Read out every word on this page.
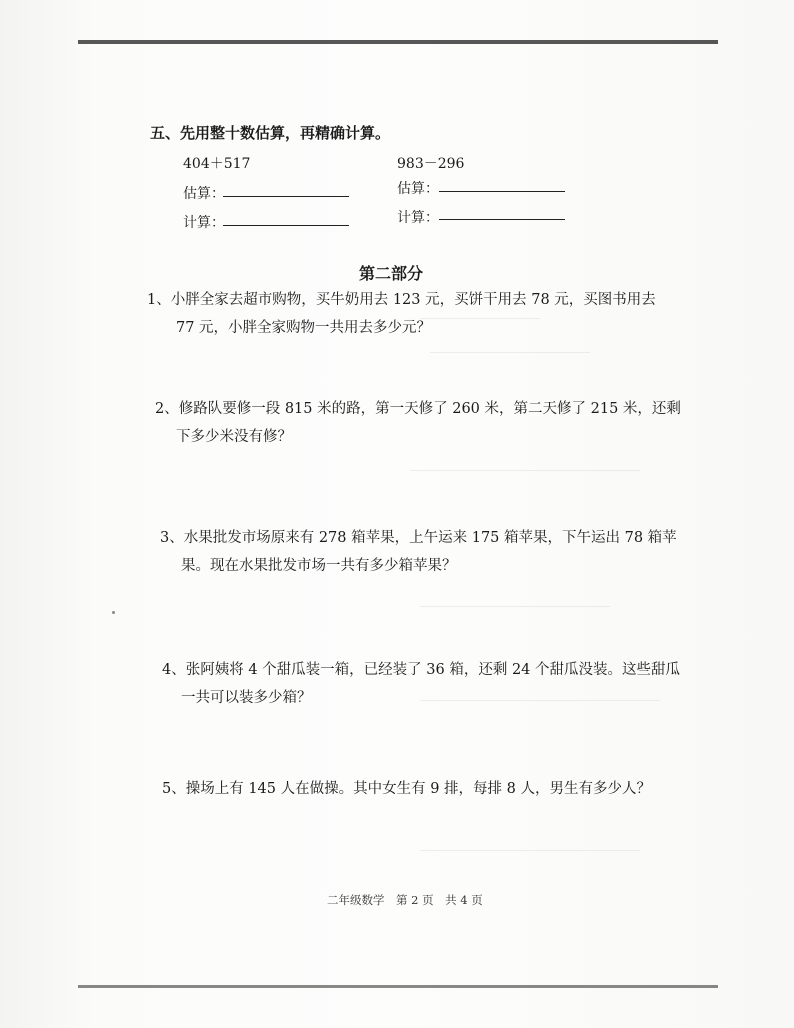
五、先用整十数估算，再精确计算。
404＋517	983－296
估算：	估算：
计算：	计算：
第二部分
1、小胖全家去超市购物，买牛奶用去 123 元，买饼干用去 78 元，买图书用去
77 元，小胖全家购物一共用去多少元？
2、修路队要修一段 815 米的路，第一天修了 260 米，第二天修了 215 米，还剩
下多少米没有修？
3、水果批发市场原来有 278 箱苹果，上午运来 175 箱苹果，下午运出 78 箱苹
果。现在水果批发市场一共有多少箱苹果？
4、张阿姨将 4 个甜瓜装一箱，已经装了 36 箱，还剩 24 个甜瓜没装。这些甜瓜
一共可以装多少箱？
5、操场上有 145 人在做操。其中女生有 9 排，每排 8 人，男生有多少人？
二年级数学　第 2 页　共 4 页
